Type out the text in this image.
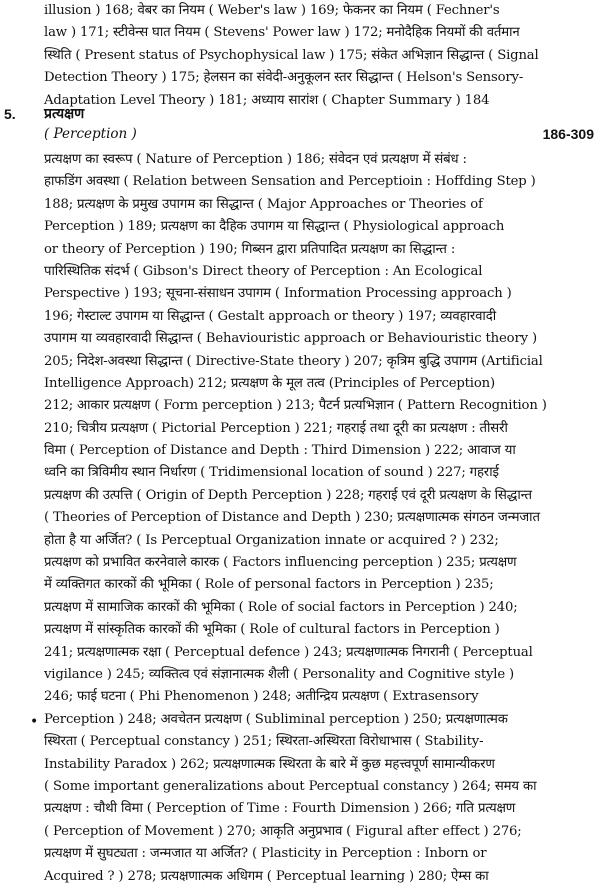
illusion ) 168; वेबर का नियम ( Weber's law ) 169; फेकनर का नियम ( Fechner's
law ) 171; स्टीवेन्स घात नियम ( Stevens' Power law ) 172; मनोदैहिक नियमों की वर्तमान
स्थिति ( Present status of Psychophysical law ) 175; संकेत अभिज्ञान सिद्धान्त ( Signal
Detection Theory ) 175; हेलसन का संवेदी-अनुकूलन स्तर सिद्धान्त ( Helson's Sensory-
Adaptation Level Theory ) 181; अध्याय सारांश ( Chapter Summary ) 184
5. प्रत्यक्षण
( Perception )	186-309
प्रत्यक्षण का स्वरूप ( Nature of Perception ) 186; संवेदन एवं प्रत्यक्षण में संबंध :
हाफडिंग अवस्था ( Relation between Sensation and Perceptioin : Hoffding Step )
188; प्रत्यक्षण के प्रमुख उपागम का सिद्धान्त ( Major Approaches or Theories of
Perception ) 189; प्रत्यक्षण का दैहिक उपागम या सिद्धान्त ( Physiological approach
or theory of Perception ) 190; गिब्सन द्वारा प्रतिपादित प्रत्यक्षण का सिद्धान्त :
पारिस्थितिक संदर्भ ( Gibson's Direct theory of Perception : An Ecological
Perspective ) 193; सूचना-संसाधन उपागम ( Information Processing approach )
196; गेस्टाल्ट उपागम या सिद्धान्त ( Gestalt approach or theory ) 197; व्यवहारवादी
उपागम या व्यवहारवादी सिद्धान्त ( Behaviouristic approach or Behaviouristic theory )
205; निदेश-अवस्था सिद्धान्त ( Directive-State theory ) 207; कृत्रिम बुद्धि उपागम (Artificial
Intelligence Approach) 212; प्रत्यक्षण के मूल तत्व (Principles of Perception)
212; आकार प्रत्यक्षण ( Form perception ) 213; पैटर्न प्रत्यभिज्ञान ( Pattern Recognition )
210; चित्रीय प्रत्यक्षण ( Pictorial Perception ) 221; गहराई तथा दूरी का प्रत्यक्षण : तीसरी
विमा ( Perception of Distance and Depth : Third Dimension ) 222; आवाज या
ध्वनि का त्रिविमीय स्थान निर्धारण ( Tridimensional location of sound ) 227; गहराई
प्रत्यक्षण की उत्पत्ति ( Origin of Depth Perception ) 228; गहराई एवं दूरी प्रत्यक्षण के सिद्धान्त
( Theories of Perception of Distance and Depth ) 230; प्रत्यक्षणात्मक संगठन जन्मजात
होता है या अर्जित? ( Is Perceptual Organization innate or acquired ? ) 232;
प्रत्यक्षण को प्रभावित करनेवाले कारक ( Factors influencing perception ) 235; प्रत्यक्षण
में व्यक्तिगत कारकों की भूमिका ( Role of personal factors in Perception ) 235;
प्रत्यक्षण में सामाजिक कारकों की भूमिका ( Role of social factors in Perception ) 240;
प्रत्यक्षण में सांस्कृतिक कारकों की भूमिका ( Role of cultural factors in Perception )
241; प्रत्यक्षणात्मक रक्षा ( Perceptual defence ) 243; प्रत्यक्षणात्मक निगरानी ( Perceptual
vigilance ) 245; व्यक्तित्व एवं संज्ञानात्मक शैली ( Personality and Cognitive style )
246; फाई घटना ( Phi Phenomenon ) 248; अतीन्द्रिय प्रत्यक्षण ( Extrasensory
Perception ) 248; अवचेतन प्रत्यक्षण ( Subliminal perception ) 250; प्रत्यक्षणात्मक
स्थिरता ( Perceptual constancy ) 251; स्थिरता-अस्थिरता विरोधाभास ( Stability-
Instability Paradox ) 262; प्रत्यक्षणात्मक स्थिरता के बारे में कुछ महत्त्वपूर्ण सामान्यीकरण
( Some important generalizations about Perceptual constancy ) 264; समय का
प्रत्यक्षण : चौथी विमा ( Perception of Time : Fourth Dimension ) 266; गति प्रत्यक्षण
( Perception of Movement ) 270; आकृति अनुप्रभाव ( Figural after effect ) 276;
प्रत्यक्षण में सुघट्यता : जन्मजात या अर्जित? ( Plasticity in Perception : Inborn or
Acquired ? ) 278; प्रत्यक्षणात्मक अधिगम ( Perceptual learning ) 280; ऐम्स का
•
